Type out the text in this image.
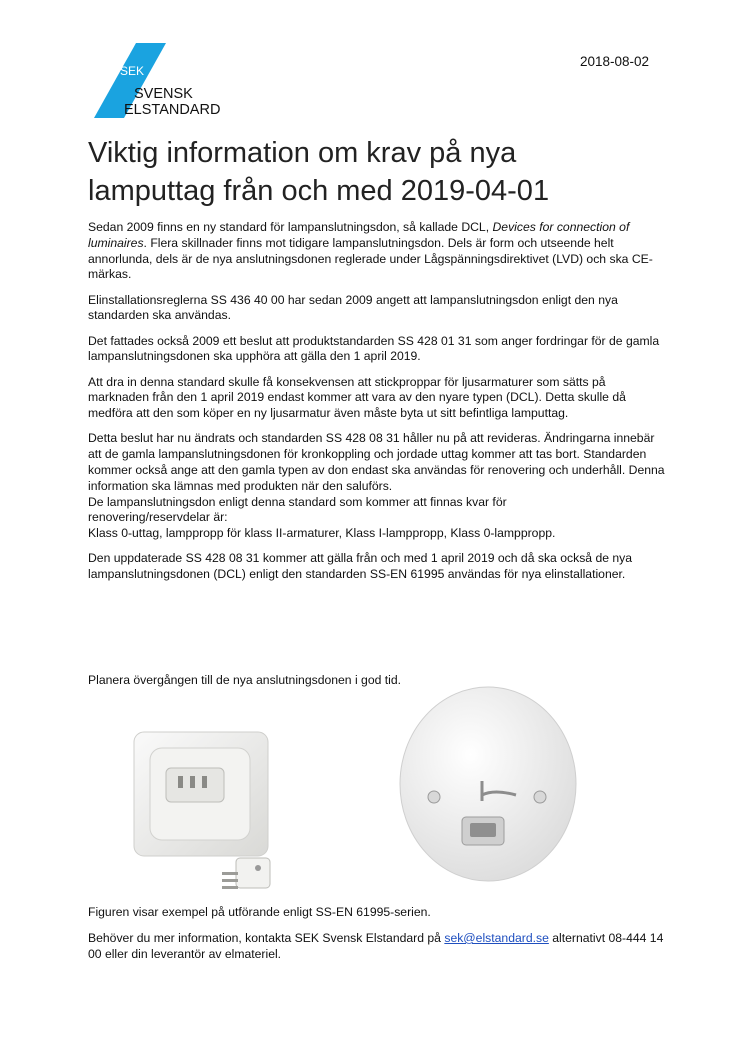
SEK
SVENSK
ELSTANDARD
2018-08-02
Viktig information om krav på nya
lamputtag från och med 2019-04-01

Sedan 2009 finns en ny standard för lampanslutningsdon, så kallade DCL, Devices for connection of luminaires. Flera skillnader finns mot tidigare lampanslutningsdon. Dels är form och utseende helt annorlunda, dels är de nya anslutningsdonen reglerade under Lågspänningsdirektivet (LVD) och ska CE-märkas.

Elinstallationsreglerna SS 436 40 00 har sedan 2009 angett att lampanslutningsdon enligt den nya standarden ska användas.

Det fattades också 2009 ett beslut att produktstandarden SS 428 01 31 som anger fordringar för de gamla lampanslutningsdonen ska upphöra att gälla den 1 april 2019.

Att dra in denna standard skulle få konsekvensen att stickproppar för ljusarmaturer som sätts på marknaden från den 1 april 2019 endast kommer att vara av den nyare typen (DCL). Detta skulle då medföra att den som köper en ny ljusarmatur även måste byta ut sitt befintliga lamputtag.

Detta beslut har nu ändrats och standarden SS 428 08 31 håller nu på att revideras. Ändringarna innebär att de gamla lampanslutningsdonen för kronkoppling och jordade uttag kommer att tas bort. Standarden kommer också ange att den gamla typen av don endast ska användas för renovering och underhåll. Denna information ska lämnas med produkten när den saluförs.

De lampanslutningsdon enligt denna standard som kommer att finnas kvar för
renovering/reservdelar är:
Klass 0-uttag, lamppropp för klass II-armaturer, Klass I-lamppropp, Klass 0-lamppropp.

Den uppdaterade SS 428 08 31 kommer att gälla från och med 1 april 2019 och då ska också de nya lampanslutningsdonen (DCL) enligt den standarden SS-EN 61995 användas för nya elinstallationer.

Planera övergången till de nya anslutningsdonen i god tid.
Figuren visar exempel på utförande enligt SS-EN 61995-serien.
Behöver du mer information, kontakta SEK Svensk Elstandard på sek@elstandard.se alternativt 08-444 14 00 eller din leverantör av elmateriel.
